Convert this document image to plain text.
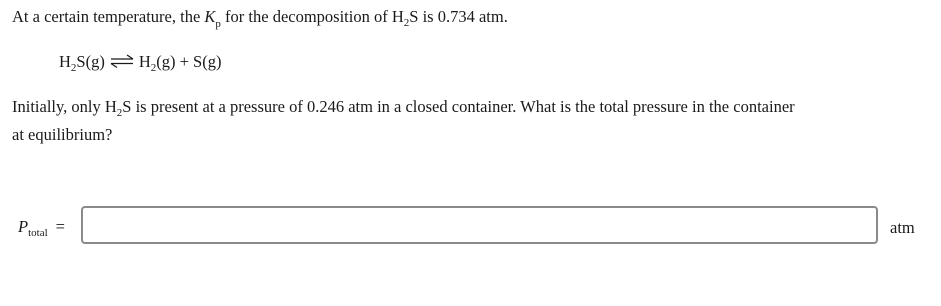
At a certain temperature, the $K_p$ for the decomposition of $H_2S$ is 0.734 atm.
$H_2S(g)$ ⇌ $H_2(g) + S(g)$
Initially, only $H_2S$ is present at a pressure of 0.246 atm in a closed container. What is the total pressure in the container
at equilibrium?
$P_{total}$ =	atm
